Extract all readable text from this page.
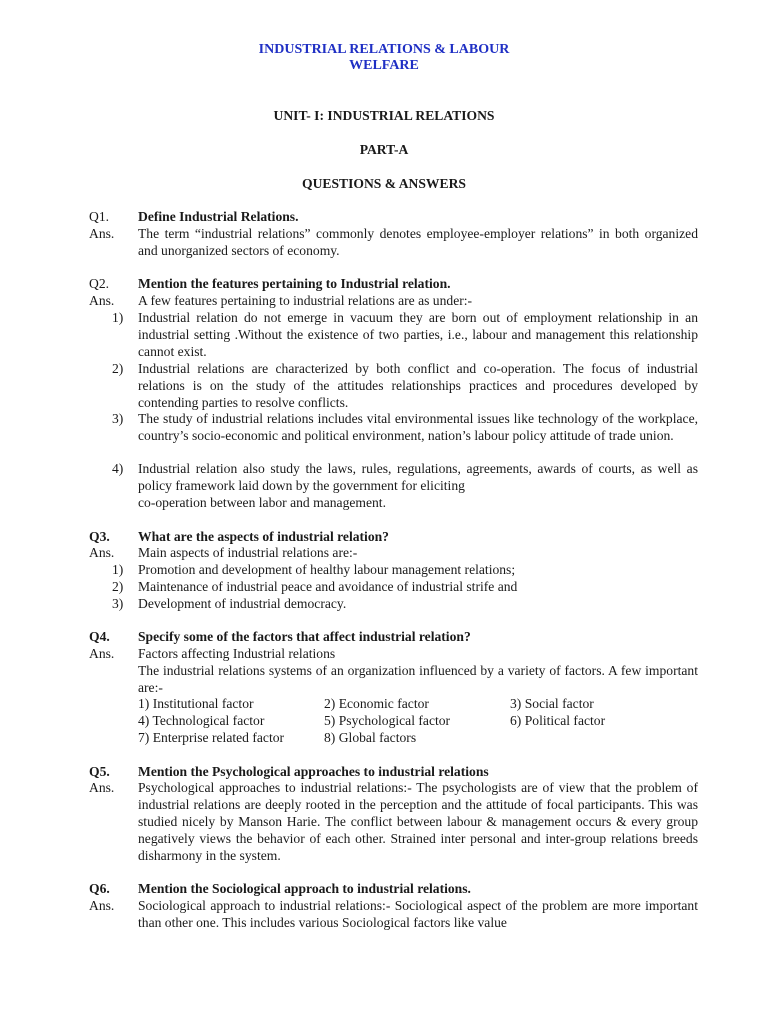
INDUSTRIAL RELATIONS & LABOUR
WELFARE
UNIT- I: INDUSTRIAL RELATIONS
PART-A
QUESTIONS & ANSWERS
Q1. Define Industrial Relations.
Ans. The term “industrial relations” commonly denotes employee-employer relations” in both organized and unorganized sectors of economy.
Q2. Mention the features pertaining to Industrial relation.
Ans. A few features pertaining to industrial relations are as under:-
1) Industrial relation do not emerge in vacuum they are born out of employment relationship in an industrial setting .Without the existence of two parties, i.e., labour and management this relationship cannot exist.
2) Industrial relations are characterized by both conflict and co-operation. The focus of industrial relations is on the study of the attitudes relationships practices and procedures developed by contending parties to resolve conflicts.
3) The study of industrial relations includes vital environmental issues like technology of the workplace, country’s socio-economic and political environment, nation’s labour policy attitude of trade union.
4) Industrial relation also study the laws, rules, regulations, agreements, awards of courts, as well as policy framework laid down by the government for eliciting
co-operation between labor and management.
Q3. What are the aspects of industrial relation?
Ans. Main aspects of industrial relations are:-
1) Promotion and development of healthy labour management relations;
2) Maintenance of industrial peace and avoidance of industrial strife and
3) Development of industrial democracy.
Q4. Specify some of the factors that affect industrial relation?
Ans. Factors affecting Industrial relations
The industrial relations systems of an organization influenced by a variety of factors. A few important are:-
1) Institutional factor	2) Economic factor	3) Social factor
4) Technological factor	5) Psychological factor	6) Political factor
7) Enterprise related factor	8) Global factors
Q5. Mention the Psychological approaches to industrial relations
Ans. Psychological approaches to industrial relations:- The psychologists are of view that the problem of industrial relations are deeply rooted in the perception and the attitude of focal participants. This was studied nicely by Manson Harie. The conflict between labour & management occurs & every group negatively views the behavior of each other. Strained inter personal and inter-group relations breeds disharmony in the system.
Q6. Mention the Sociological approach to industrial relations.
Ans. Sociological approach to industrial relations:- Sociological aspect of the problem are more important than other one. This includes various Sociological factors like value
